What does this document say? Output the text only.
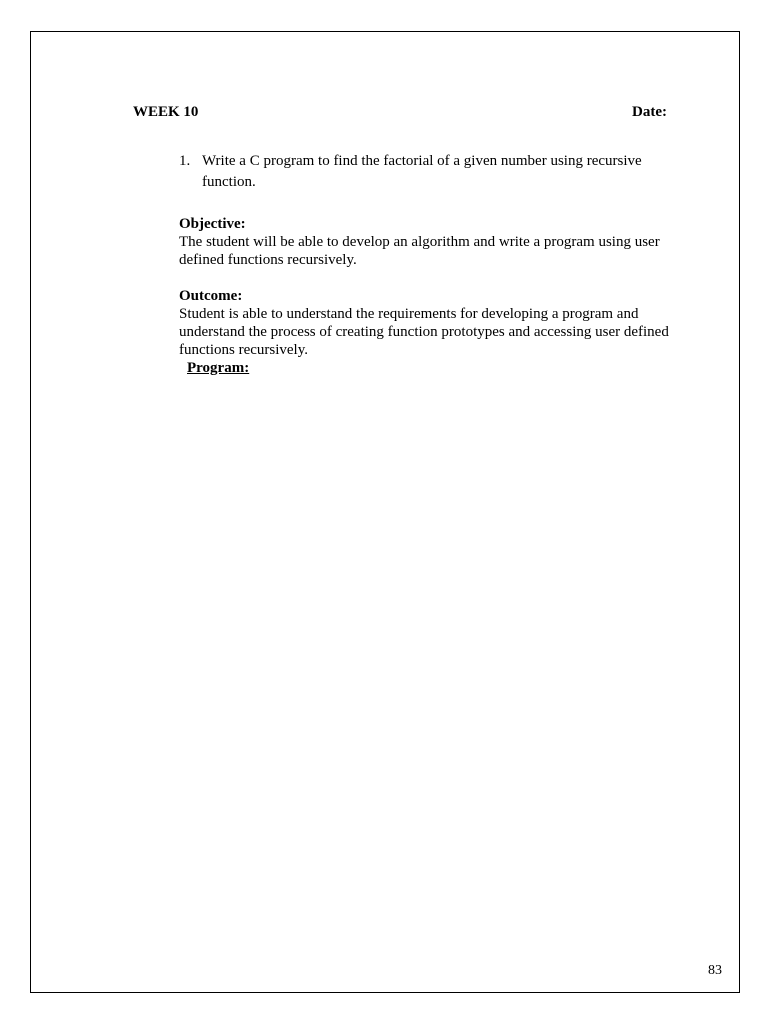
WEEK 10	Date:
1. Write a C program to find the factorial of a given number using recursive function.
Objective:
The student will be able to develop an algorithm and write a program using user defined functions recursively.
Outcome:
Student is able to understand the requirements for developing a program and understand the process of creating function prototypes and accessing user defined functions recursively.
Program:
83
